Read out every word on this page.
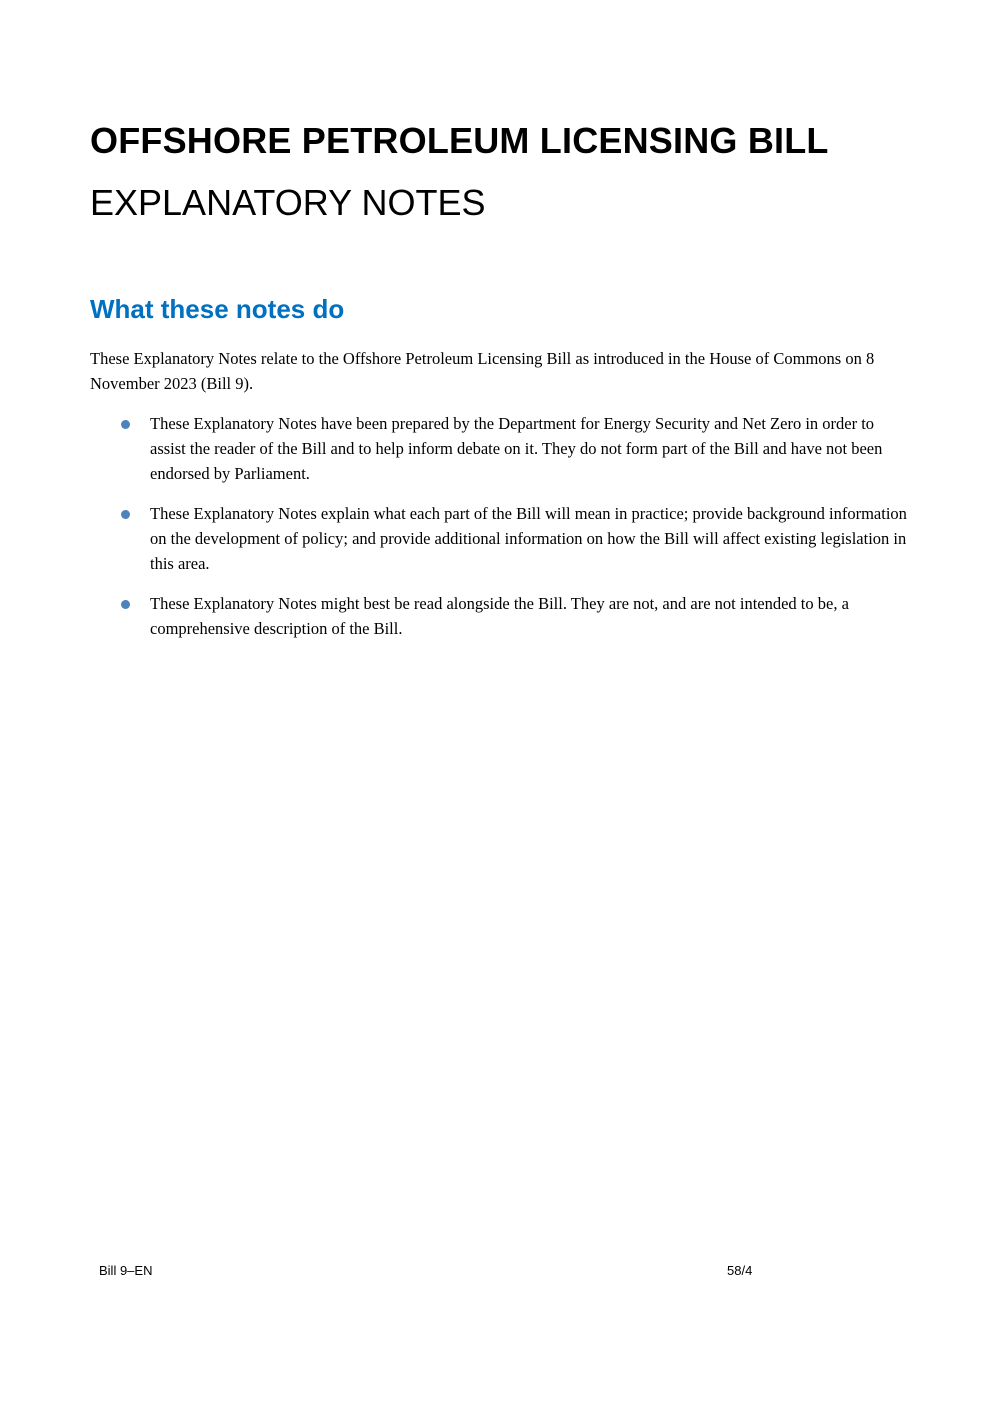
OFFSHORE PETROLEUM LICENSING BILL
EXPLANATORY NOTES
What these notes do

These Explanatory Notes relate to the Offshore Petroleum Licensing Bill as introduced in the House of Commons on 8 November 2023 (Bill 9).

These Explanatory Notes have been prepared by the Department for Energy Security and Net Zero in order to assist the reader of the Bill and to help inform debate on it. They do not form part of the Bill and have not been endorsed by Parliament.
These Explanatory Notes explain what each part of the Bill will mean in practice; provide background information on the development of policy; and provide additional information on how the Bill will affect existing legislation in this area.
These Explanatory Notes might best be read alongside the Bill. They are not, and are not intended to be, a comprehensive description of the Bill.
Bill 9–EN	58/4
